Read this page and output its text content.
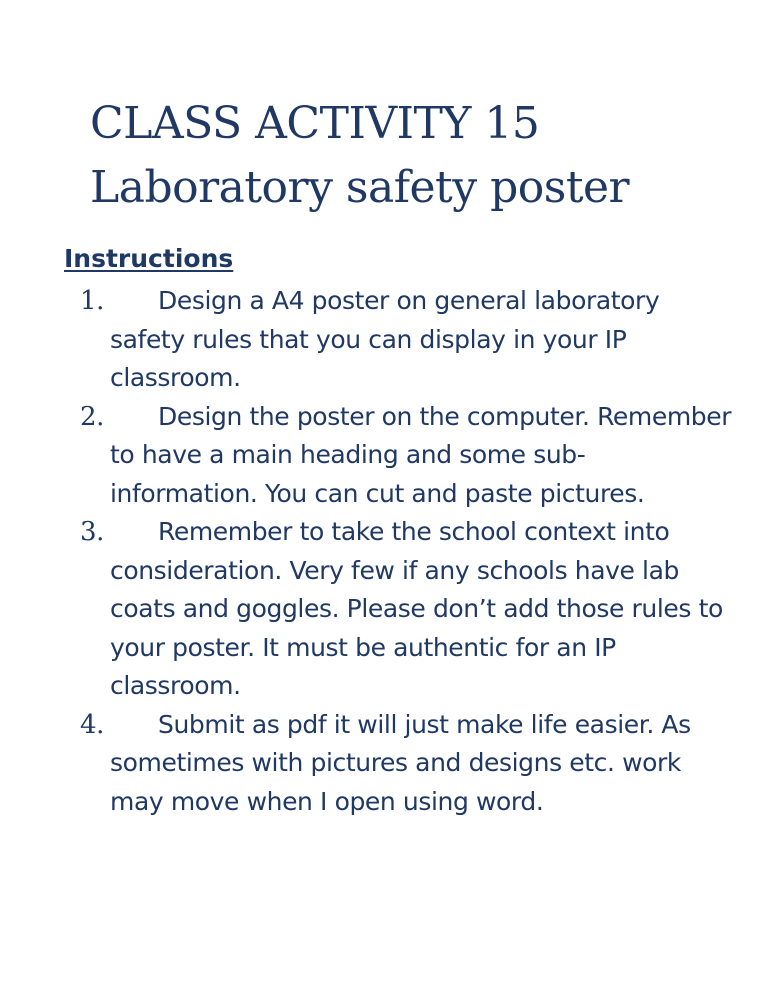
CLASS ACTIVITY 15
Laboratory safety poster
Instructions
1.	Design a A4 poster on general laboratory safety rules that you can display in your IP classroom.
2.	Design the poster on the computer. Remember to have a main heading and some sub- information. You can cut and paste pictures.
3.	Remember to take the school context into consideration. Very few if any schools have lab coats and goggles. Please don’t add those rules to your poster. It must be authentic for an IP classroom.
4.	Submit as pdf it will just make life easier. As sometimes with pictures and designs etc. work may move when I open using word.
